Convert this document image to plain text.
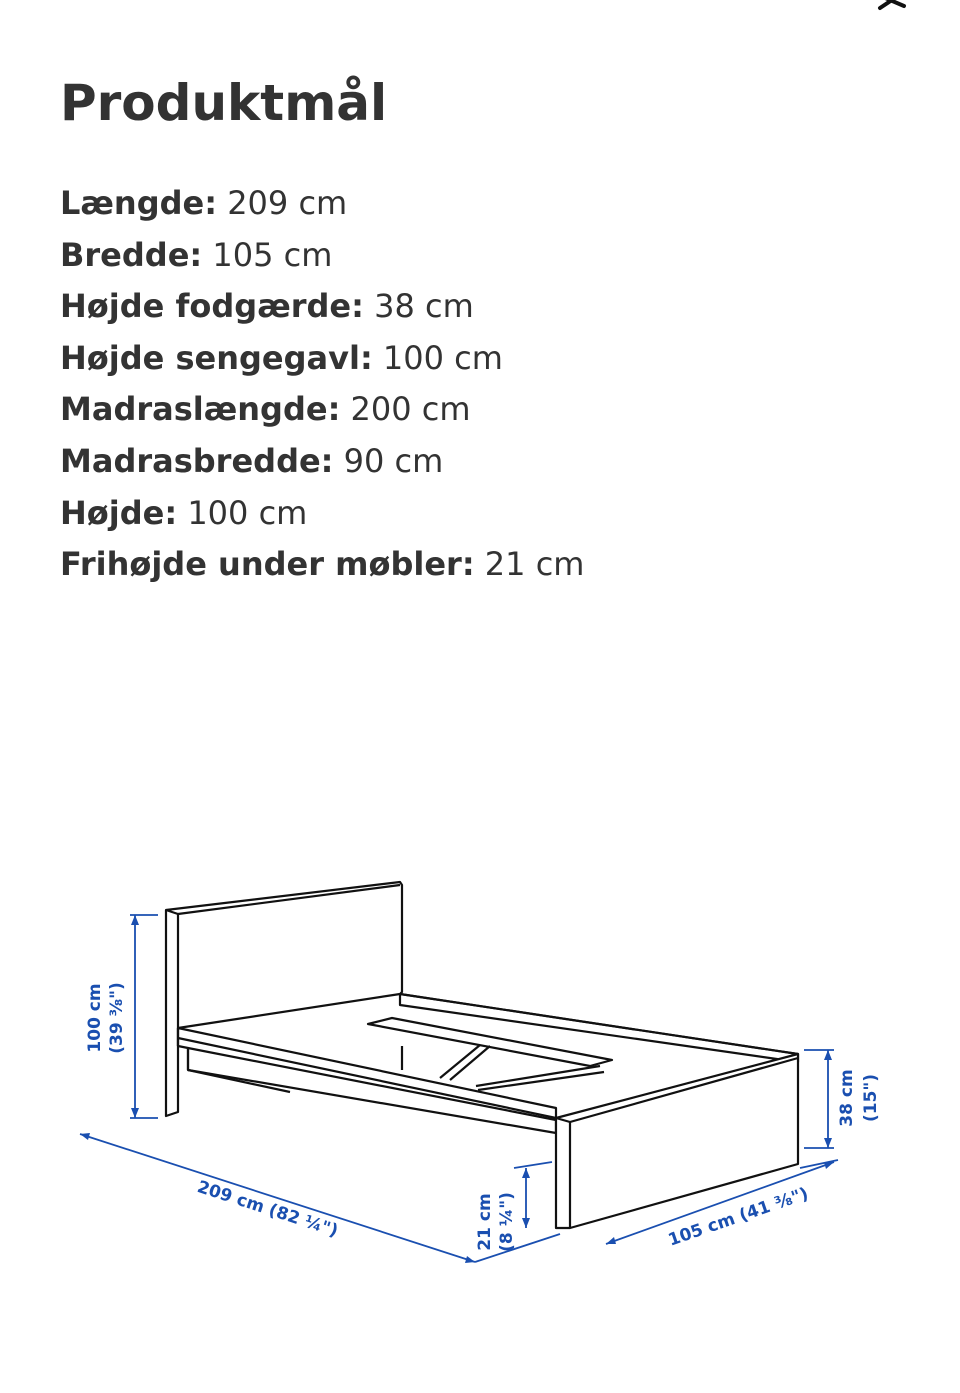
Produktmål
Længde: 209 cm
Bredde: 105 cm
Højde fodgærde: 38 cm
Højde sengegavl: 100 cm
Madraslængde: 200 cm
Madrasbredde: 90 cm
Højde: 100 cm
Frihøjde under møbler: 21 cm
100 cm (39 ⅜")
209 cm (82 ¼")	21 cm (8 ¼")	105 cm (41 ⅜")
38 cm (15")
